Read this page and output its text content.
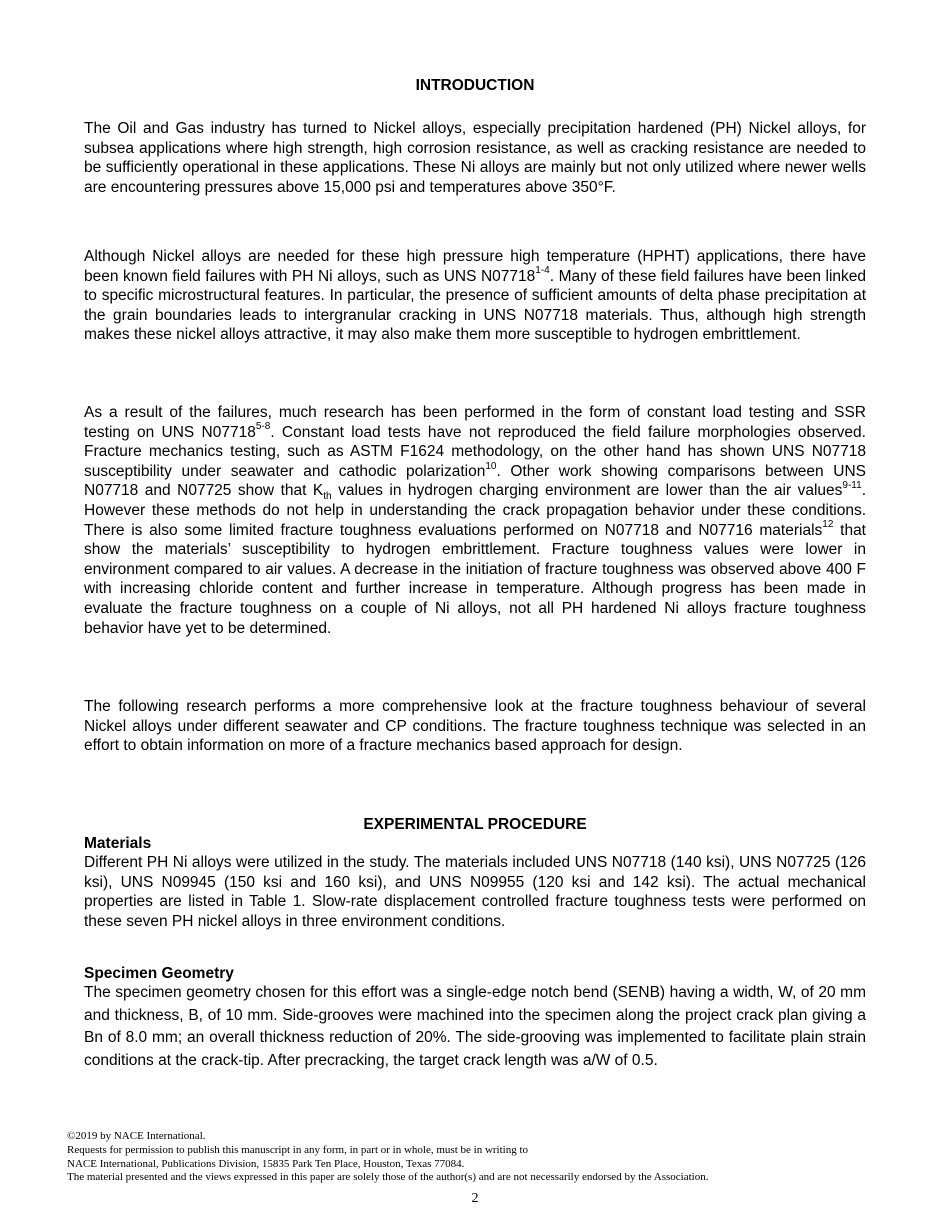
INTRODUCTION
The Oil and Gas industry has turned to Nickel alloys, especially precipitation hardened (PH) Nickel alloys, for subsea applications where high strength, high corrosion resistance, as well as cracking resistance are needed to be sufficiently operational in these applications. These Ni alloys are mainly but not only utilized where newer wells are encountering pressures above 15,000 psi and temperatures above 350°F.
Although Nickel alloys are needed for these high pressure high temperature (HPHT) applications, there have been known field failures with PH Ni alloys, such as UNS N07718$^{1-4}$. Many of these field failures have been linked to specific microstructural features. In particular, the presence of sufficient amounts of delta phase precipitation at the grain boundaries leads to intergranular cracking in UNS N07718 materials. Thus, although high strength makes these nickel alloys attractive, it may also make them more susceptible to hydrogen embrittlement.
As a result of the failures, much research has been performed in the form of constant load testing and SSR testing on UNS N07718$^{5-8}$. Constant load tests have not reproduced the field failure morphologies observed. Fracture mechanics testing, such as ASTM F1624 methodology, on the other hand has shown UNS N07718 susceptibility under seawater and cathodic polarization$^{10}$. Other work showing comparisons between UNS N07718 and N07725 show that $K_{th}$ values in hydrogen charging environment are lower than the air values$^{9-11}$. However these methods do not help in understanding the crack propagation behavior under these conditions. There is also some limited fracture toughness evaluations performed on N07718 and N07716 materials$^{12}$ that show the materials’ susceptibility to hydrogen embrittlement. Fracture toughness values were lower in environment compared to air values. A decrease in the initiation of fracture toughness was observed above 400 F with increasing chloride content and further increase in temperature. Although progress has been made in evaluate the fracture toughness on a couple of Ni alloys, not all PH hardened Ni alloys fracture toughness behavior have yet to be determined.
The following research performs a more comprehensive look at the fracture toughness behaviour of several Nickel alloys under different seawater and CP conditions. The fracture toughness technique was selected in an effort to obtain information on more of a fracture mechanics based approach for design.
EXPERIMENTAL PROCEDURE
Materials
Different PH Ni alloys were utilized in the study. The materials included UNS N07718 (140 ksi), UNS N07725 (126 ksi), UNS N09945 (150 ksi and 160 ksi), and UNS N09955 (120 ksi and 142 ksi). The actual mechanical properties are listed in Table 1. Slow-rate displacement controlled fracture toughness tests were performed on these seven PH nickel alloys in three environment conditions.
Specimen Geometry
The specimen geometry chosen for this effort was a single-edge notch bend (SENB) having a width, W, of 20 mm and thickness, B, of 10 mm. Side-grooves were machined into the specimen along the project crack plan giving a Bn of 8.0 mm; an overall thickness reduction of 20%. The side-grooving was implemented to facilitate plain strain conditions at the crack-tip. After precracking, the target crack length was a/W of 0.5.
©2019 by NACE International.
Requests for permission to publish this manuscript in any form, in part or in whole, must be in writing to
NACE International, Publications Division, 15835 Park Ten Place, Houston, Texas 77084.
The material presented and the views expressed in this paper are solely those of the author(s) and are not necessarily endorsed by the Association.
2
